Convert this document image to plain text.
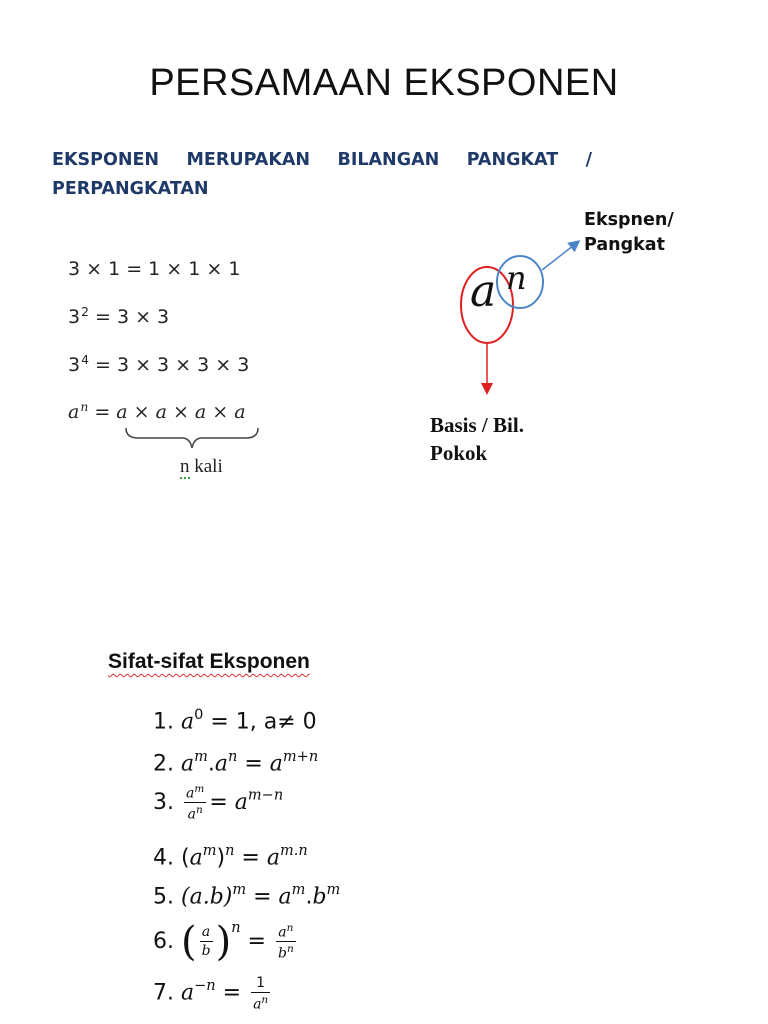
PERSAMAAN EKSPONEN
EKSPONEN MERUPAKAN BILANGAN PANGKAT / PERPANGKATAN
3 × 1 = 1 × 1 × 1
$3^2 = 3 \times 3$
$3^4 = 3 \times 3 \times 3 \times 3$
$a^n = a \times a \times a \times a$
n kali
a n
Ekspnen/
Pangkat
Basis / Bil.
Pokok
Sifat-sifat Eksponen
1. $a^0 = 1$, a≠ 0
2. $a^m.a^n = a^{m+n}$
3. $\frac{a^m}{a^n} = a^{m-n}$
4. $(a^m)^n = a^{m.n}$
5. $(a.b)^m = a^m.b^m$
6. ( $\frac{a}{b} )^n = \frac{a^n}{b^n}$
7. $a^{-n} = \frac{1}{a^n}$
